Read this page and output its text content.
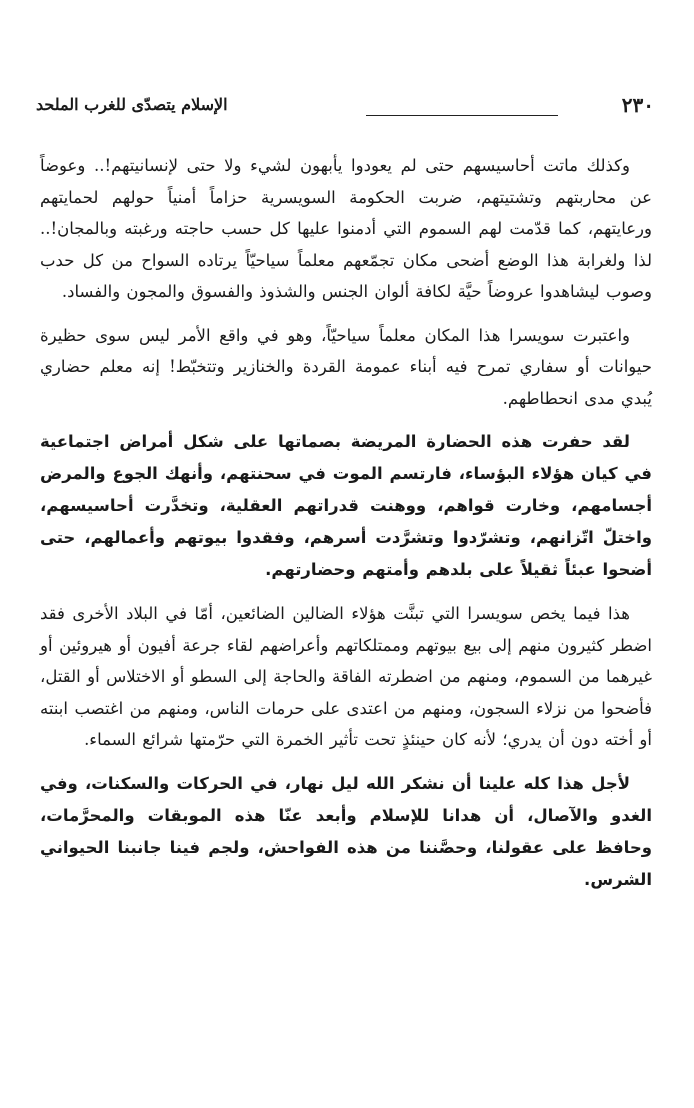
٢٣٠
الإسلام يتصدّى للغرب الملحد

وكذلك ماتت أحاسيسهم حتى لم يعودوا يأبهون لشيء ولا حتى لإنسانيتهم!.. وعوضاً عن محاربتهم وتشتيتهم، ضربت الحكومة السويسرية حزاماً أمنياً حولهم لحمايتهم ورعايتهم، كما قدّمت لهم السموم التي أدمنوا عليها كل حسب حاجته ورغبته وبالمجان!.. لذا ولغرابة هذا الوضع أضحى مكان تجمّعهم معلماً سياحيّاً يرتاده السواح من كل حدب وصوب ليشاهدوا عروضاً حيَّة لكافة ألوان الجنس والشذوذ والفسوق والمجون والفساد.

واعتبرت سويسرا هذا المكان معلماً سياحيّاً، وهو في واقع الأمر ليس سوى حظيرة حيوانات أو سفاري تمرح فيه أبناء عمومة القردة والخنازير وتتخبّط! إنه معلم حضاري يُبدي مدى انحطاطهم.

لقد حفرت هذه الحضارة المريضة بصماتها على شكل أمراض اجتماعية في كيان هؤلاء البؤساء، فارتسم الموت في سحنتهم، وأنهك الجوع والمرض أجسامهم، وخارت قواهم، ووهنت قدراتهم العقلية، وتخدَّرت أحاسيسهم، واختلّ اتّزانهم، وتشرّدوا وتشرَّدت أسرهم، وفقدوا بيوتهم وأعمالهم، حتى أضحوا عبئاً ثقيلاً على بلدهم وأمتهم وحضارتهم.

هذا فيما يخص سويسرا التي تبنَّت هؤلاء الضالين الضائعين، أمّا في البلاد الأخرى فقد اضطر كثيرون منهم إلى بيع بيوتهم وممتلكاتهم وأعراضهم لقاء جرعة أفيون أو هيروئين أو غيرهما من السموم، ومنهم من اضطرته الفاقة والحاجة إلى السطو أو الاختلاس أو القتل، فأضحوا من نزلاء السجون، ومنهم من اعتدى على حرمات الناس، ومنهم من اغتصب ابنته أو أخته دون أن يدري؛ لأنه كان حينئذٍ تحت تأثير الخمرة التي حرّمتها شرائع السماء.

لأجل هذا كله علينا أن نشكر الله ليل نهار، في الحركات والسكنات، وفي الغدو والآصال، أن هدانا للإسلام وأبعد عنّا هذه الموبقات والمحرَّمات، وحافظ على عقولنا، وحصَّننا من هذه الفواحش، ولجم فينا جانبنا الحيواني الشرس.
